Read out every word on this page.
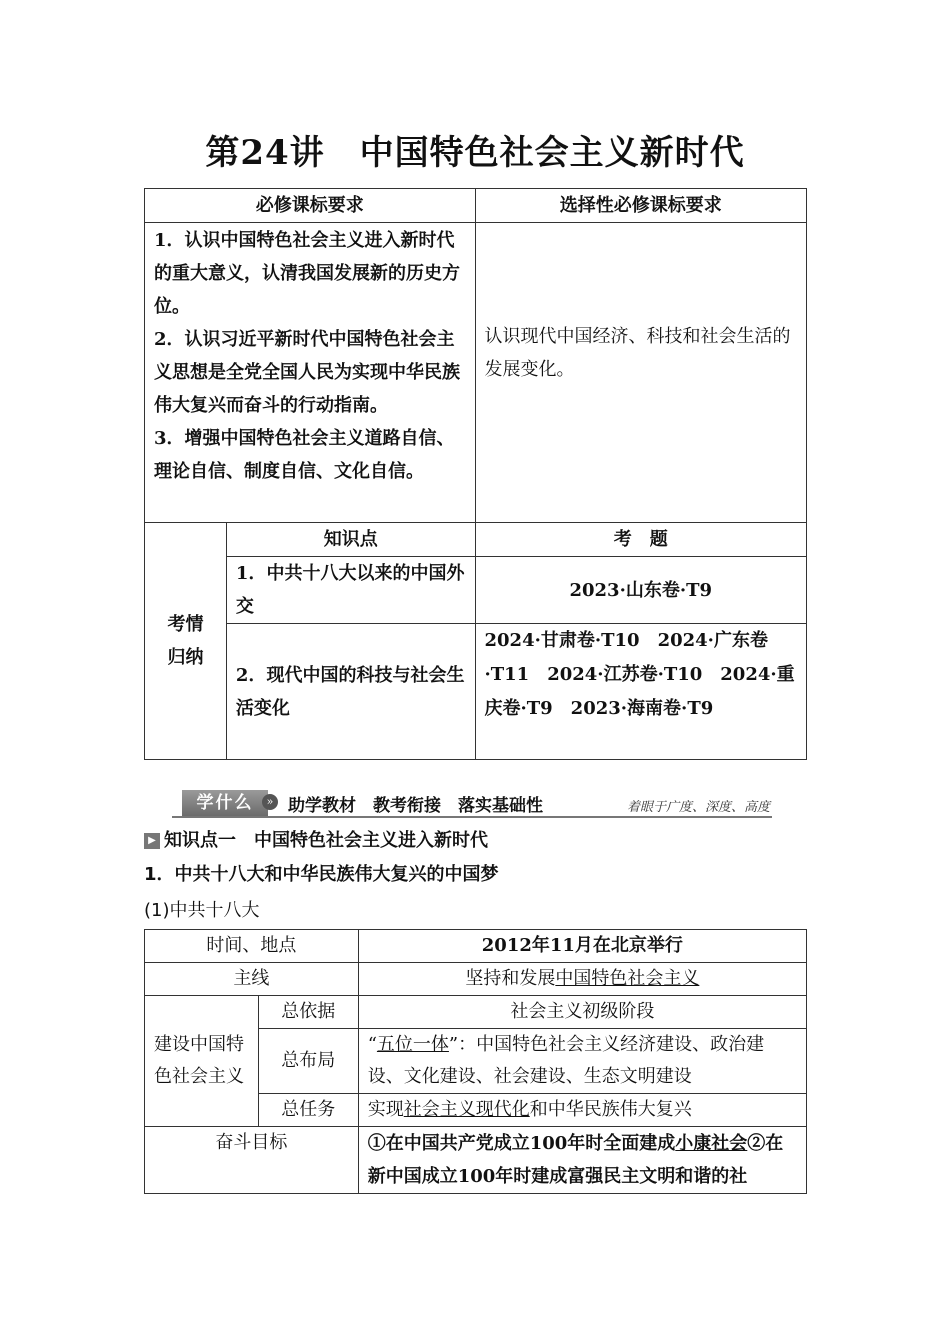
第24讲　中国特色社会主义新时代
必修课标要求		选择性必修课标要求

1．认识中国特色社会主义进入新时代的重大意义，认清我国发展新的历史方位。
2．认识习近平新时代中国特色社会主义思想是全党全国人民为实现中华民族伟大复兴而奋斗的行动指南。
3．增强中国特色社会主义道路自信、理论自信、制度自信、文化自信。		认识现代中国经济、科技和社会生活的发展变化。
考情归纳	知识点	考　题
	1．中共十八大以来的中国外交	2023·山东卷·T9
	2．现代中国的科技与社会生活变化	2024·甘肃卷·T10　2024·广东卷·T11　2024·江苏卷·T10　2024·重庆卷·T9　2023·海南卷·T9
学什么	» 助学教材　教考衔接　落实基础性	着眼于广度、深度、高度
▶ 知识点一　中国特色社会主义进入新时代
1．中共十八大和中华民族伟大复兴的中国梦
(1)中共十八大
时间、地点		2012年11月在北京举行
主线		坚持和发展中国特色社会主义
建设中国特色社会主义	总依据	社会主义初级阶段
	总布局	“五位一体”：中国特色社会主义经济建设、政治建设、文化建设、社会建设、生态文明建设
	总任务	实现社会主义现代化和中华民族伟大复兴
奋斗目标		①在中国共产党成立100年时全面建成小康社会②在新中国成立100年时建成富强民主文明和谐的社
